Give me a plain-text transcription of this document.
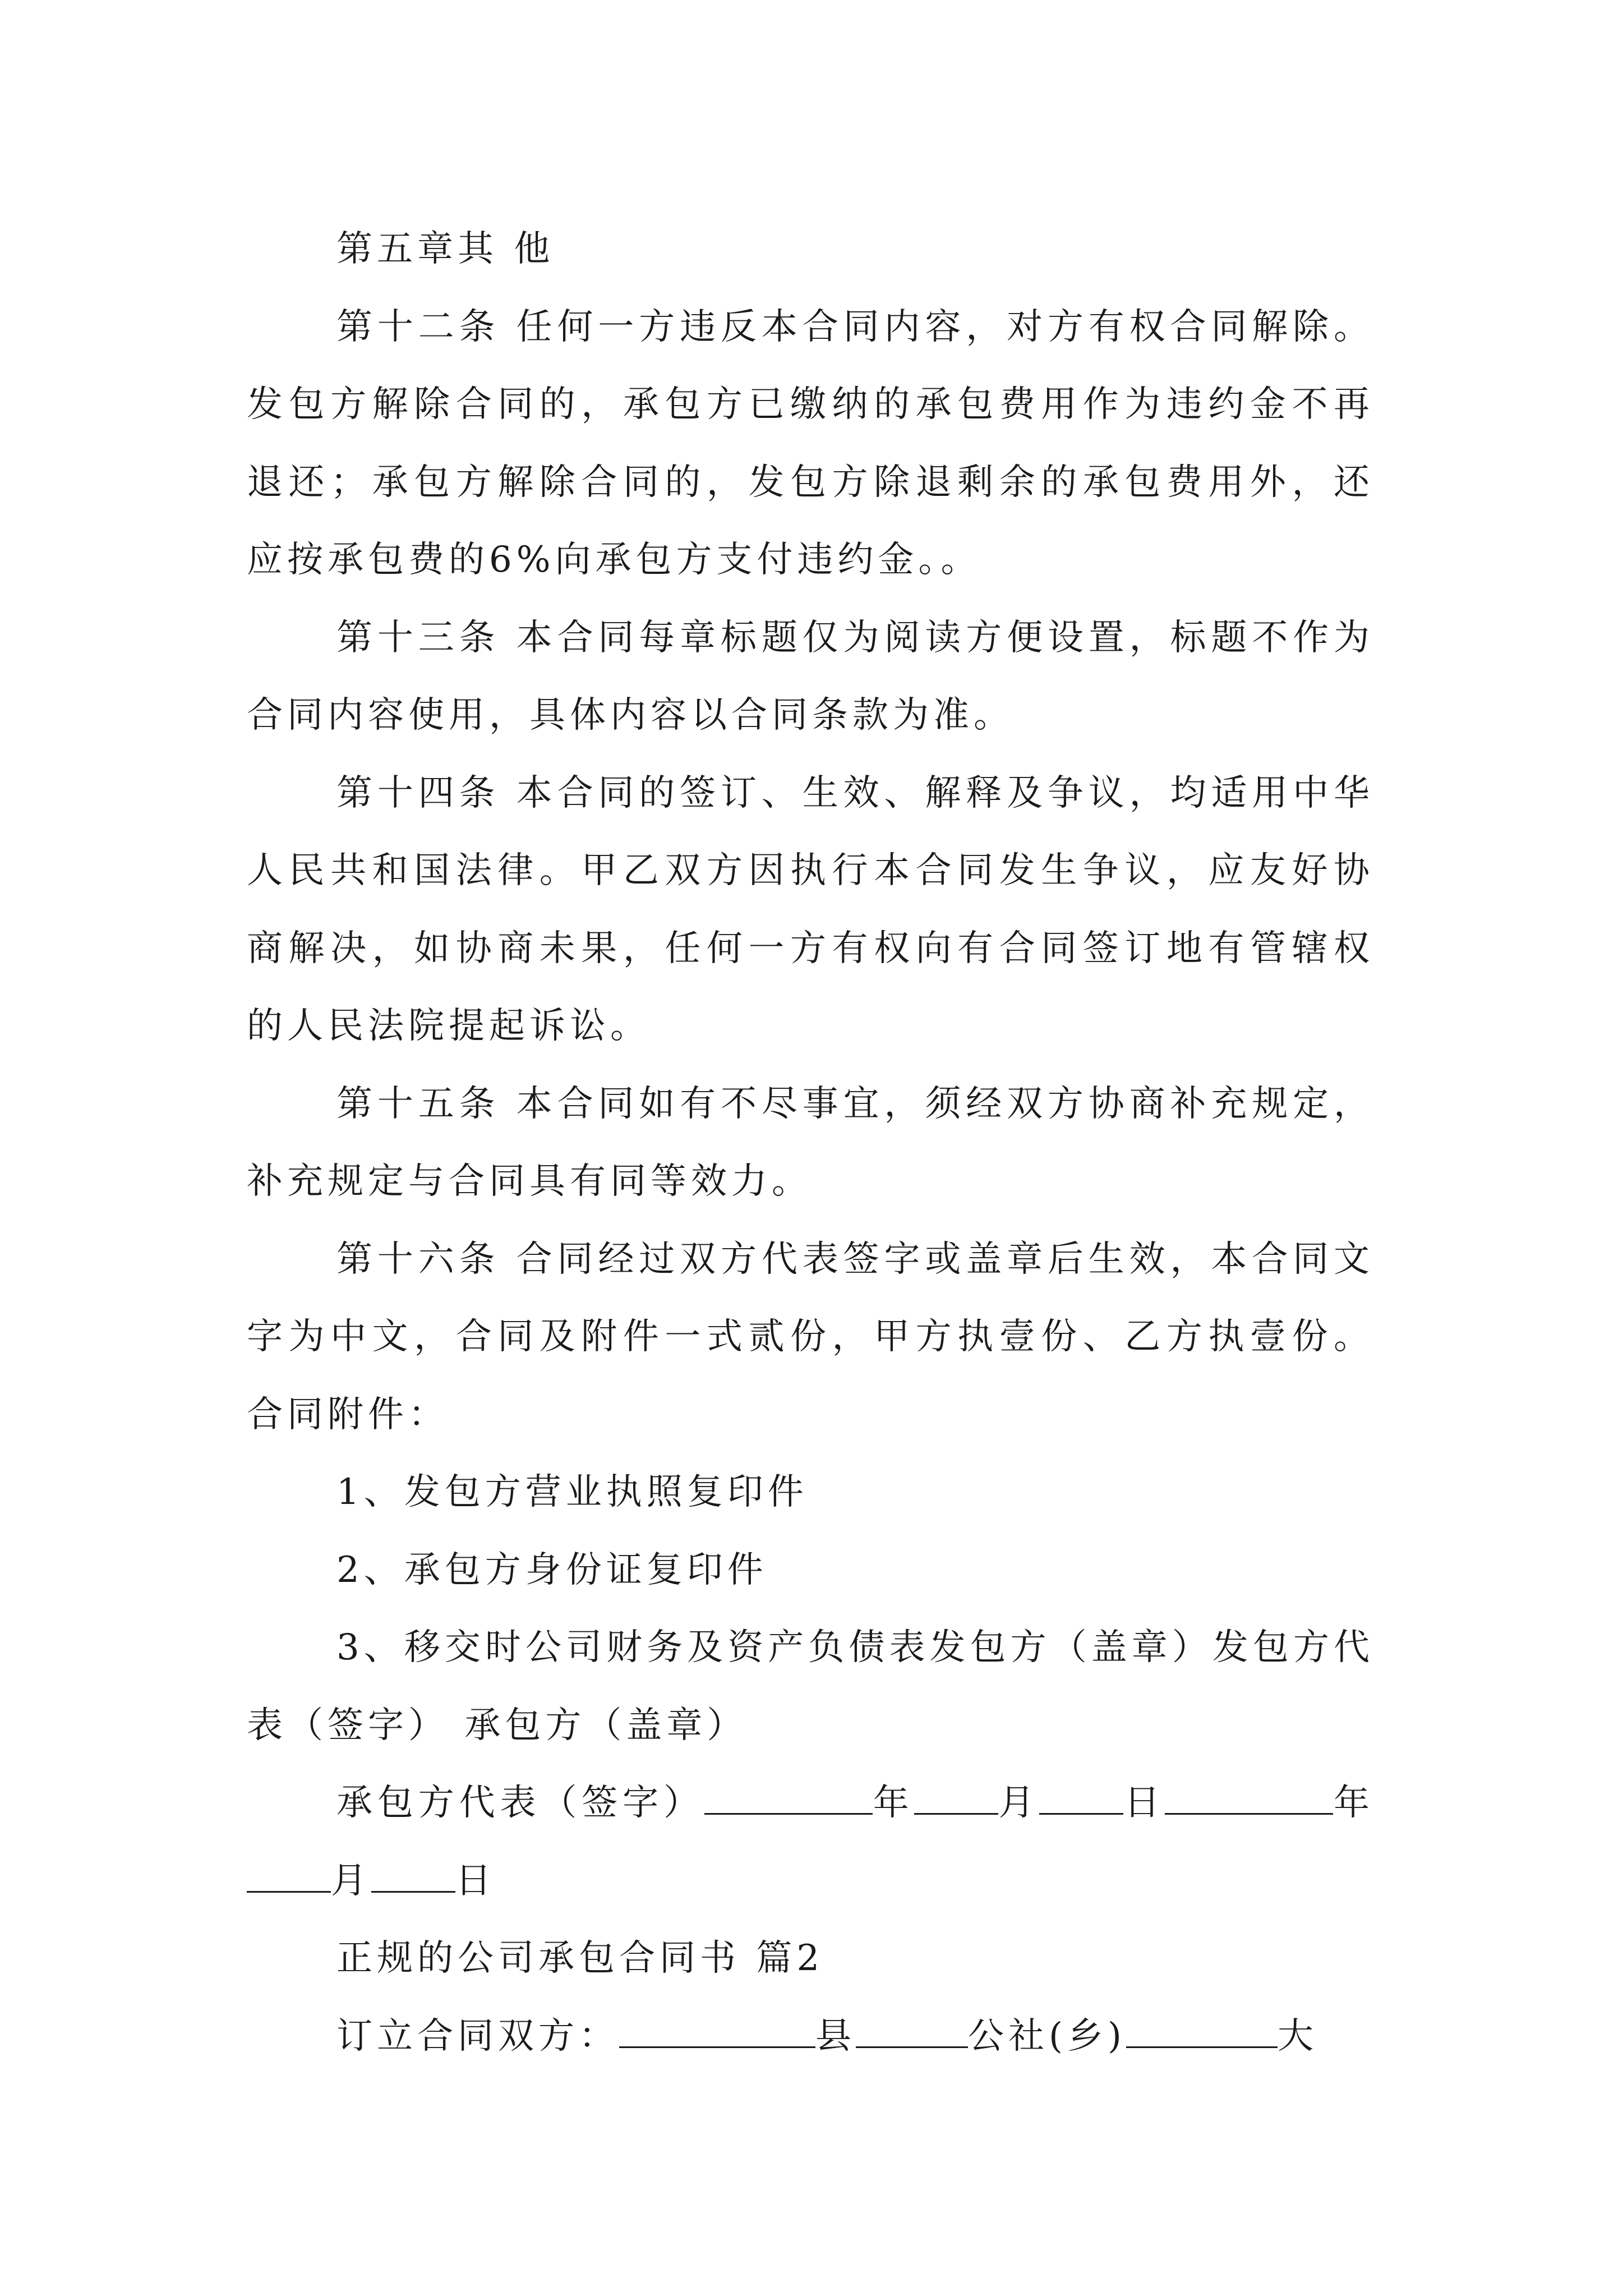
第五章其 他

第十二条 任何一方违反本合同内容，对方有权合同解除。发包方解除合同的，承包方已缴纳的承包费用作为违约金不再退还；承包方解除合同的，发包方除退剩余的承包费用外，还应按承包费的6%向承包方支付违约金。。

第十三条 本合同每章标题仅为阅读方便设置，标题不作为合同内容使用，具体内容以合同条款为准。

第十四条 本合同的签订、生效、解释及争议，均适用中华人民共和国法律。甲乙双方因执行本合同发生争议，应友好协商解决，如协商未果，任何一方有权向有合同签订地有管辖权的人民法院提起诉讼。

第十五条 本合同如有不尽事宜，须经双方协商补充规定，补充规定与合同具有同等效力。

第十六条 合同经过双方代表签字或盖章后生效，本合同文字为中文，合同及附件一式贰份，甲方执壹份、乙方执壹份。合同附件：

1、发包方营业执照复印件

2、承包方身份证复印件

3、移交时公司财务及资产负债表发包方（盖章）发包方代表（签字） 承包方（盖章）

承包方代表（签字）	年 月 日	年月 日

正规的公司承包合同书 篇2

订立合同双方：	县	公社(乡)	大
